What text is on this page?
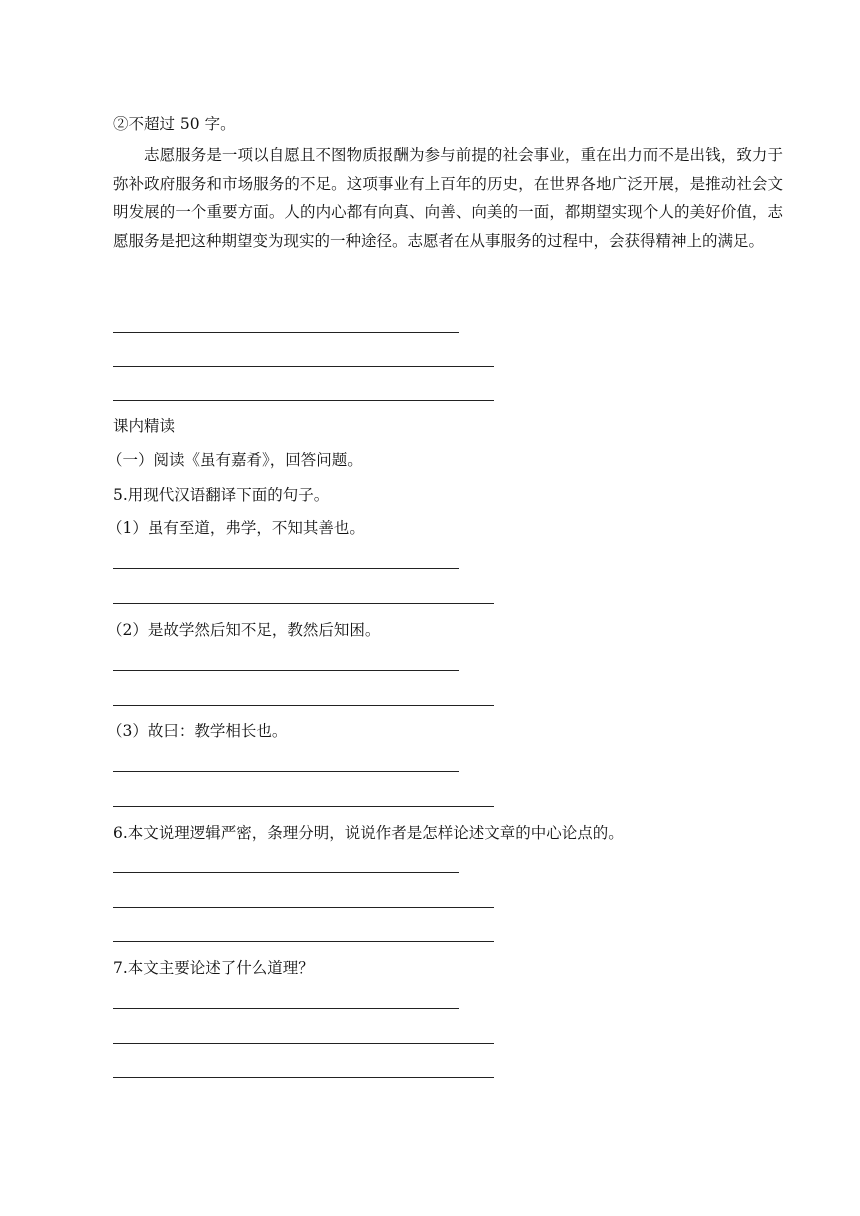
②不超过 50 字。
志愿服务是一项以自愿且不图物质报酬为参与前提的社会事业，重在出力而不是出钱，致力于弥补政府服务和市场服务的不足。这项事业有上百年的历史，在世界各地广泛开展，是推动社会文明发展的一个重要方面。人的内心都有向真、向善、向美的一面，都期望实现个人的美好价值，志愿服务是把这种期望变为现实的一种途径。志愿者在从事服务的过程中，会获得精神上的满足。
课内精读
（一）阅读《虽有嘉肴》，回答问题。
5.用现代汉语翻译下面的句子。
（1）虽有至道，弗学，不知其善也。
（2）是故学然后知不足，教然后知困。
（3）故曰：教学相长也。
6.本文说理逻辑严密，条理分明，说说作者是怎样论述文章的中心论点的。
7.本文主要论述了什么道理？
